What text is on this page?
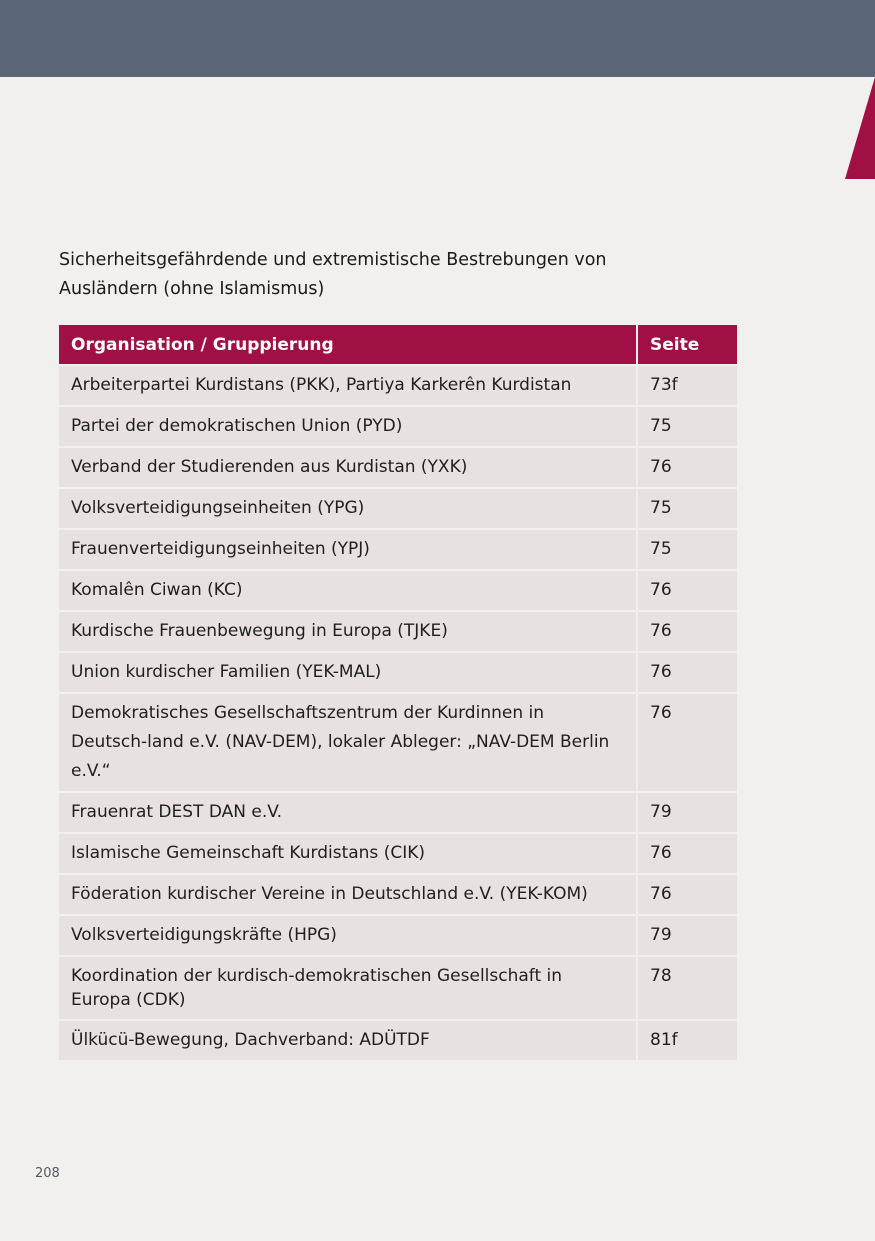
Sicherheitsgefährdende und extremistische Bestrebungen von Ausländern (ohne Islamismus)
Organisation / Gruppierung	Seite
Arbeiterpartei Kurdistans (PKK), Partiya Karkerên Kurdistan	73f
Partei der demokratischen Union (PYD)	75
Verband der Studierenden aus Kurdistan (YXK)	76
Volksverteidigungseinheiten (YPG)	75
Frauenverteidigungseinheiten (YPJ)	75
Komalên Ciwan (KC)	76
Kurdische Frauenbewegung in Europa (TJKE)	76
Union kurdischer Familien (YEK-MAL)	76
Demokratisches Gesellschaftszentrum der Kurdinnen in Deutsch-land e.V. (NAV-DEM), lokaler Ableger: „NAV-DEM Berlin e.V.“	76
Frauenrat DEST DAN e.V.	79
Islamische Gemeinschaft Kurdistans (CIK)	76
Föderation kurdischer Vereine in Deutschland e.V. (YEK-KOM)	76
Volksverteidigungskräfte (HPG)	79
Koordination der kurdisch-demokratischen Gesellschaft in Europa (CDK)	78
Ülkücü-Bewegung, Dachverband: ADÜTDF	81f
208
